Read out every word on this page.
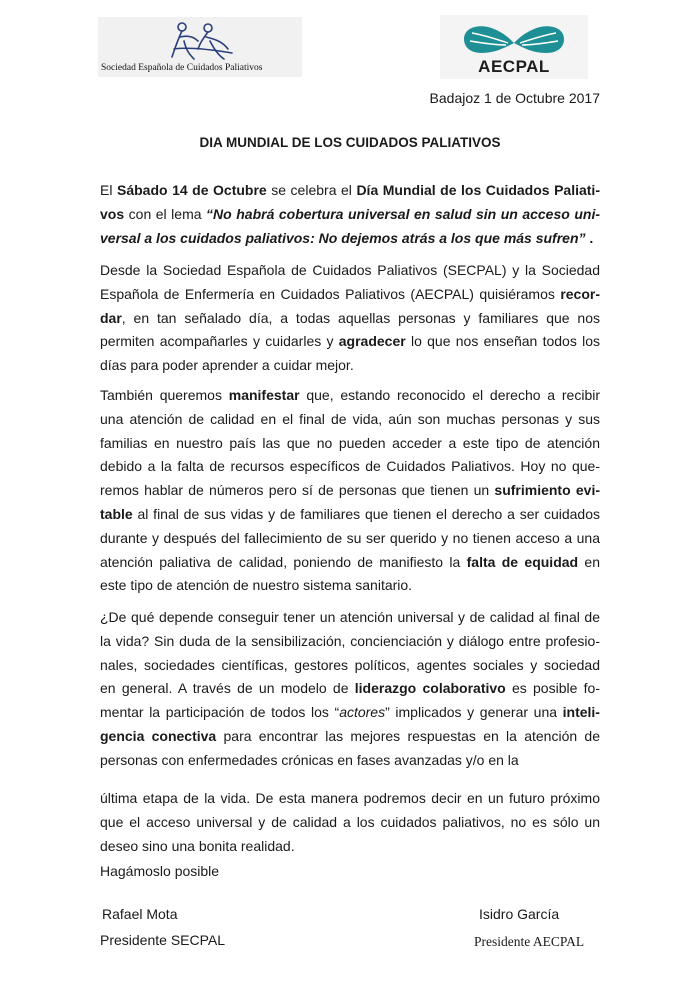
Sociedad Española de Cuidados Paliativos	AECPAL
Badajoz 1 de Octubre 2017
DIA MUNDIAL DE LOS CUIDADOS PALIATIVOS
El Sábado 14 de Octubre se celebra el Día Mundial de los Cuidados Paliati-
vos con el lema “No habrá cobertura universal en salud sin un acceso uni-
versal a los cuidados paliativos: No dejemos atrás a los que más sufren” .
Desde la Sociedad Española de Cuidados Paliativos (SECPAL) y la Sociedad
Española de Enfermería en Cuidados Paliativos (AECPAL) quisiéramos recor-
dar, en tan señalado día, a todas aquellas personas y familiares que nos
permiten acompañarles y cuidarles y agradecer lo que nos enseñan todos los
días para poder aprender a cuidar mejor.
También queremos manifestar que, estando reconocido el derecho a recibir
una atención de calidad en el final de vida, aún son muchas personas y sus
familias en nuestro país las que no pueden acceder a este tipo de atención
debido a la falta de recursos específicos de Cuidados Paliativos. Hoy no que-
remos hablar de números pero sí de personas que tienen un sufrimiento evi-
table al final de sus vidas y de familiares que tienen el derecho a ser cuidados
durante y después del fallecimiento de su ser querido y no tienen acceso a una
atención paliativa de calidad, poniendo de manifiesto la falta de equidad en
este tipo de atención de nuestro sistema sanitario.
¿De qué depende conseguir tener un atención universal y de calidad al final de
la vida? Sin duda de la sensibilización, concienciación y diálogo entre profesio-
nales, sociedades científicas, gestores políticos, agentes sociales y sociedad
en general. A través de un modelo de liderazgo colaborativo es posible fo-
mentar la participación de todos los “actores” implicados y generar una inteli-
gencia conectiva para encontrar las mejores respuestas en la atención de
personas con enfermedades crónicas en fases avanzadas y/o en la
última etapa de la vida. De esta manera podremos decir en un futuro próximo
que el acceso universal y de calidad a los cuidados paliativos, no es sólo un
deseo sino una bonita realidad.
Hagámoslo posible
Rafael Mota
Presidente SECPAL
Isidro García
Presidente AECPAL
